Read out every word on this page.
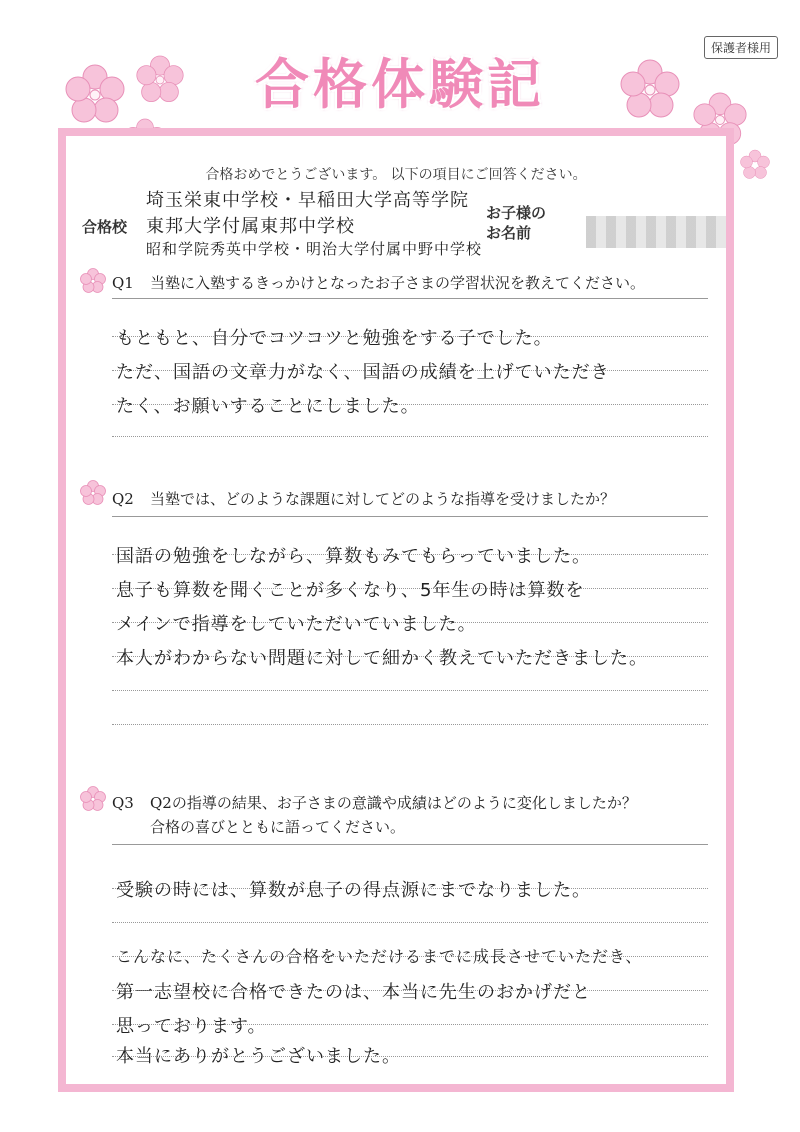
保護者様用
合格体験記
合格おめでとうございます。 以下の項目にご回答ください。
合格校
埼玉栄東中学校・早稲田大学高等学院
東邦大学付属東邦中学校
昭和学院秀英中学校・明治大学付属中野中学校
お子様の
お名前
Q1 当塾に入塾するきっかけとなったお子さまの学習状況を教えてください。
もともと、自分でコツコツと勉強をする子でした。
ただ、国語の文章力がなく、国語の成績を上げていただき
たく、お願いすることにしました。
Q2 当塾では、どのような課題に対してどのような指導を受けましたか？
国語の勉強をしながら、算数もみてもらっていました。
息子も算数を聞くことが多くなり、5年生の時は算数を
メインで指導をしていただいていました。
本人がわからない問題に対して細かく教えていただきました。
Q3 Q2の指導の結果、お子さまの意識や成績はどのように変化しましたか？
合格の喜びとともに語ってください。
受験の時には、算数が息子の得点源にまでなりました。
こんなに、たくさんの合格をいただけるまでに成長させていただき、
第一志望校に合格できたのは、本当に先生のおかげだと
思っております。
本当にありがとうございました。
